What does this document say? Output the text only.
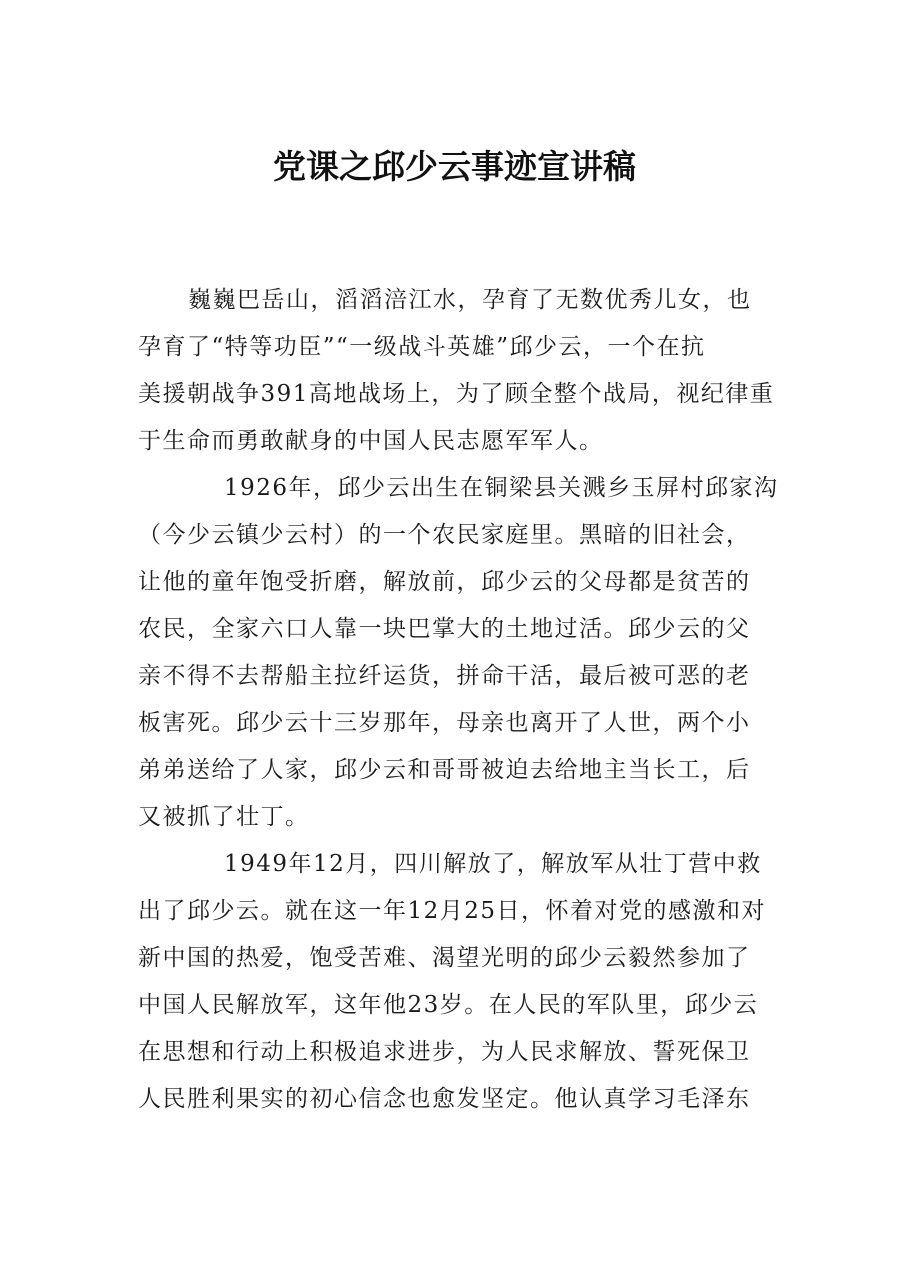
党课之邱少云事迹宣讲稿
巍巍巴岳山，滔滔涪江水，孕育了无数优秀儿女，也
孕育了“特等功臣”“一级战斗英雄”邱少云，一个在抗
美援朝战争391高地战场上，为了顾全整个战局，视纪律重
于生命而勇敢献身的中国人民志愿军军人。
1926年，邱少云出生在铜梁县关溅乡玉屏村邱家沟
（今少云镇少云村）的一个农民家庭里。黑暗的旧社会，
让他的童年饱受折磨，解放前，邱少云的父母都是贫苦的
农民，全家六口人靠一块巴掌大的土地过活。邱少云的父
亲不得不去帮船主拉纤运货，拼命干活，最后被可恶的老
板害死。邱少云十三岁那年，母亲也离开了人世，两个小
弟弟送给了人家，邱少云和哥哥被迫去给地主当长工，后
又被抓了壮丁。
1949年12月，四川解放了，解放军从壮丁营中救
出了邱少云。就在这一年12月25日，怀着对党的感激和对
新中国的热爱，饱受苦难、渴望光明的邱少云毅然参加了
中国人民解放军，这年他23岁。在人民的军队里，邱少云
在思想和行动上积极追求进步，为人民求解放、誓死保卫
人民胜利果实的初心信念也愈发坚定。他认真学习毛泽东
